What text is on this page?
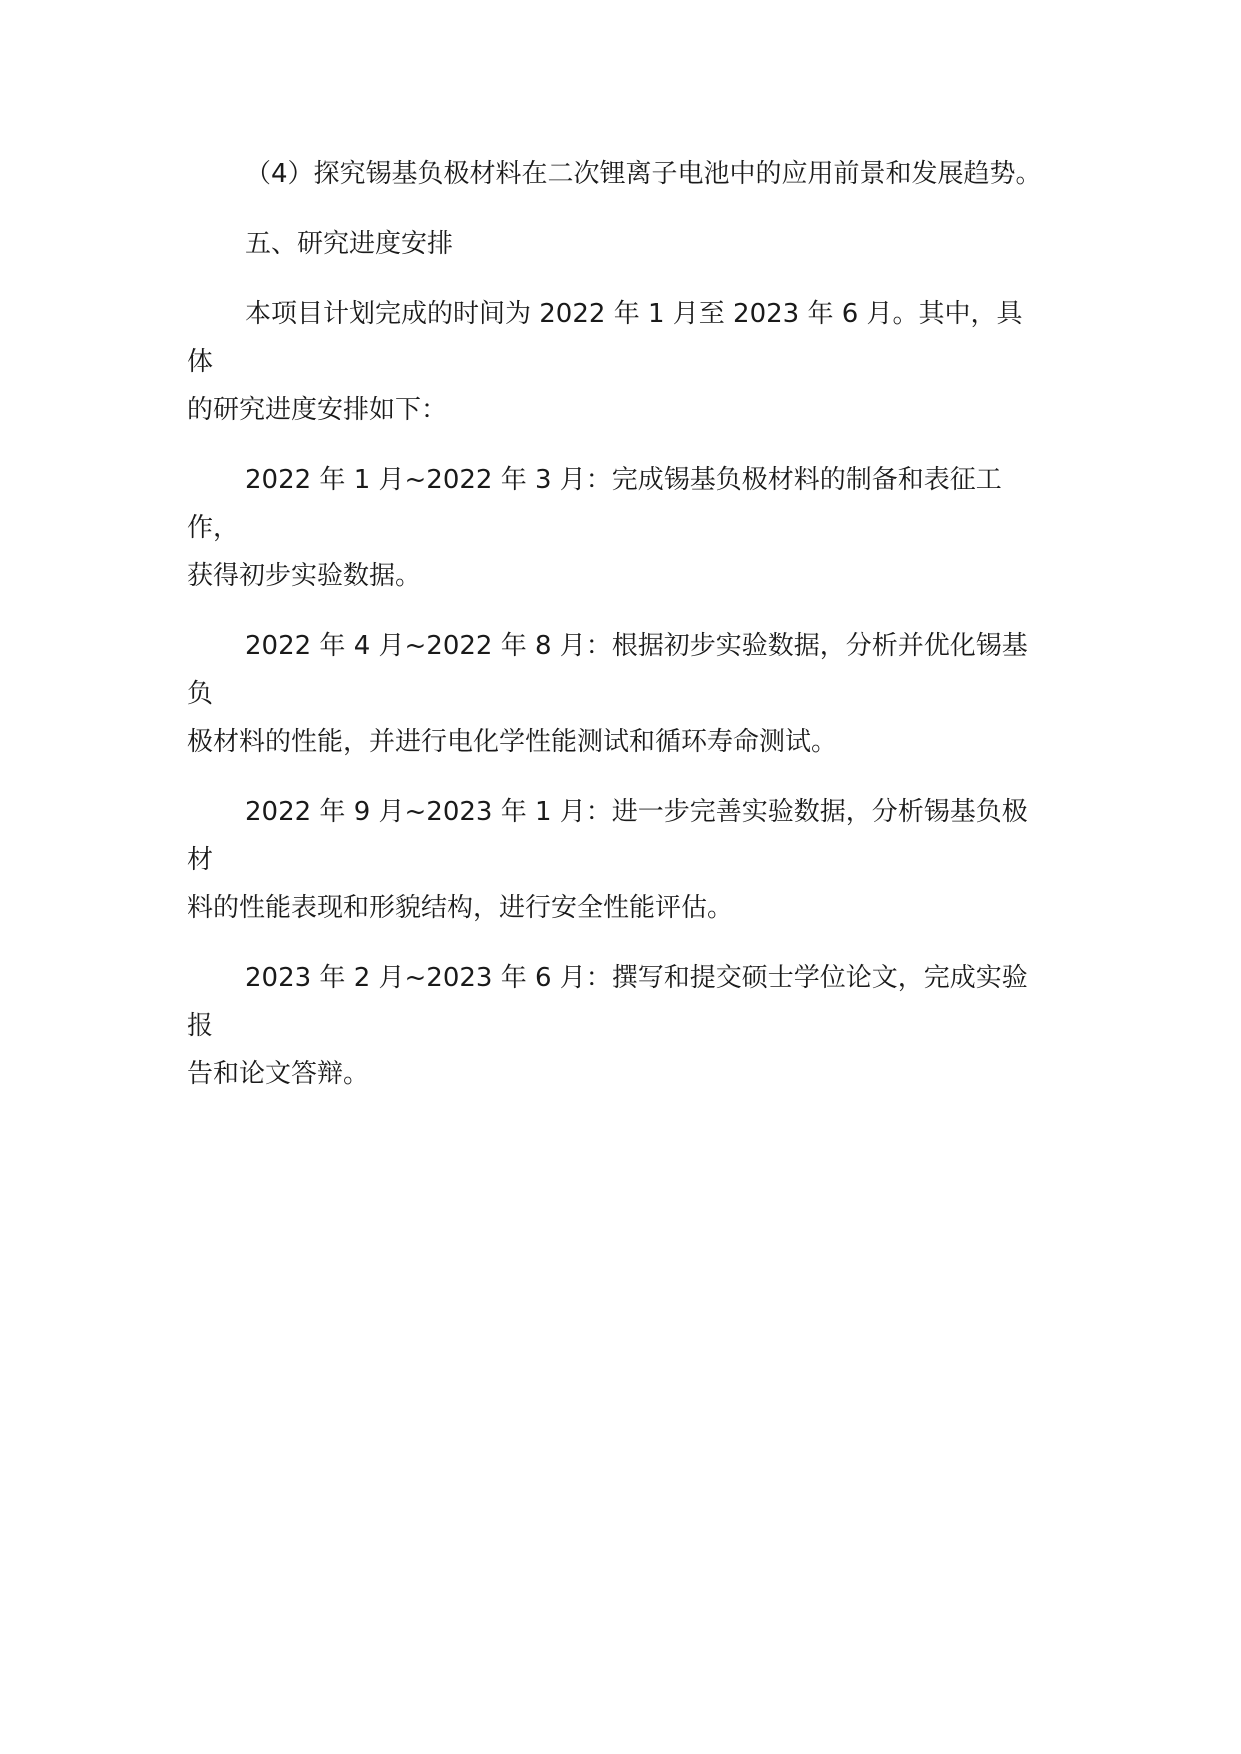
（4）探究锡基负极材料在二次锂离子电池中的应用前景和发展趋势。

五、研究进度安排

本项目计划完成的时间为 2022 年 1 月至 2023 年 6 月。其中，具体
的研究进度安排如下：

2022 年 1 月~2022 年 3 月：完成锡基负极材料的制备和表征工作，
获得初步实验数据。

2022 年 4 月~2022 年 8 月：根据初步实验数据，分析并优化锡基负
极材料的性能，并进行电化学性能测试和循环寿命测试。

2022 年 9 月~2023 年 1 月：进一步完善实验数据，分析锡基负极材
料的性能表现和形貌结构，进行安全性能评估。

2023 年 2 月~2023 年 6 月：撰写和提交硕士学位论文，完成实验报
告和论文答辩。
